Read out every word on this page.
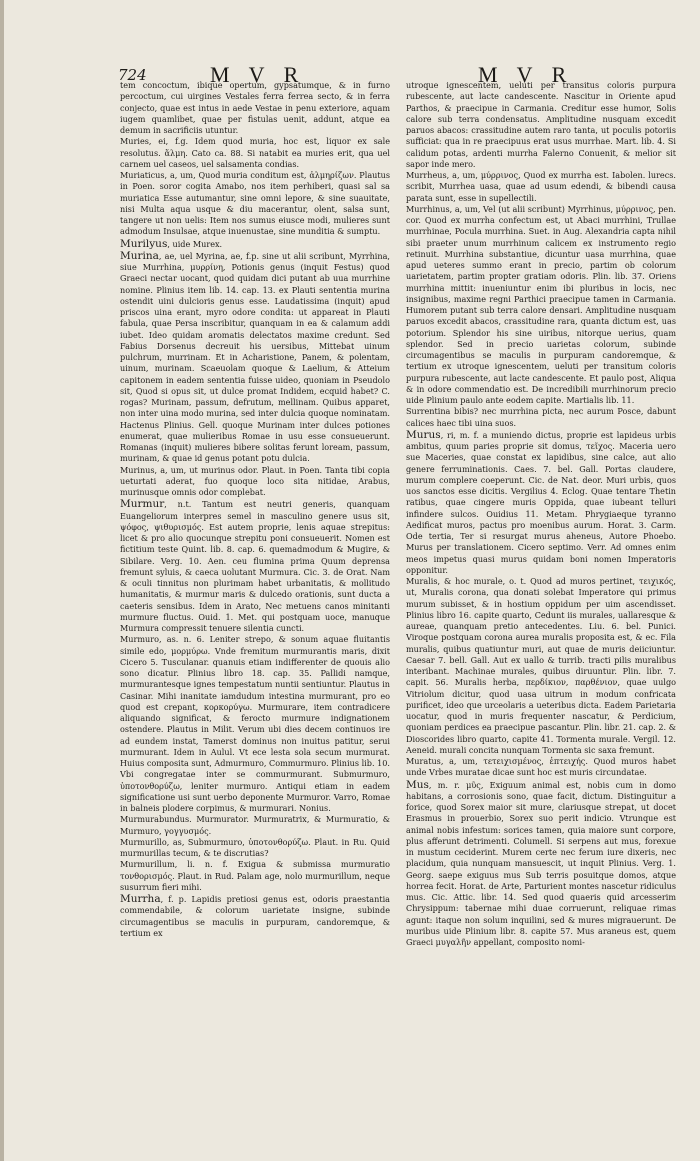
724	M V R	M V R

tem concoctum, ibique opertum, gypsatumque, & in furno percoctum, cui uirgines Vestales ferra ferrea secto, & in ferra conjecto, quae est intus in aede Vestae in penu exteriore, aquam iugem quamlibet, quae per fistulas uenit, addunt, atque ea demum in sacrificiis utuntur.

Muries, ei, f.g. Idem quod muria, hoc est, liquor ex sale resolutus. ἅλμη. Cato ca. 88. Si natabit ea muries erit, qua uel carnem uel caseos, uel salsamenta condias.

Muriaticus, a, um, Quod muria conditum est, ἁλμηρίζων. Plautus in Poen. soror cogita Amabo, nos item perhiberi, quasi sal sa muriatica Esse autumantur, sine omni lepore, & sine suauitate, nisi Multa aqua usque & diu macerantur, olent, salsa sunt, tangere ut non uelis: Item nos sumus eiusce modi, mulieres sunt admodum Insulsae, atque inuenustae, sine munditia & sumptu.

Murilyus, uide Murex.

Murina, ae, uel Myrina, ae, f.p. sine ut alii scribunt, Myrrhina, siue Murrhina, μυρρίνη, Potionis genus (inquit Festus) quod Graeci nectar uocant, quod quidam dici putant ab uua murrhine nomine. Plinius item lib. 14. cap. 13. ex Plauti sententia murina ostendit uini dulcioris genus esse. Laudatissima (inquit) apud priscos uina erant, myro odore condita: ut appareat in Plauti fabula, quae Persa inscribitur, quanquam in ea & calamum addi iubet. Ideo quidam aromatis delectatos maxime credunt. Sed Fabius Dorsenus decreuit his uersibus, Mittebat uinum pulchrum, murrinam. Et in Acharistione, Panem, & polentam, uinum, murinam. Scaeuolam quoque & Laelium, & Atteium capitonem in eadem sententia fuisse uideo, quoniam in Pseudolo sit, Quod si opus sit, ut dulce promat Indidem, ecquid habet? C. rogas? Murinam, passum, defrutum, mellinam. Quibus apparet, non inter uina modo murina, sed inter dulcia quoque nominatam. Hactenus Plinius. Gell. quoque Murinam inter dulces potiones enumerat, quae mulieribus Romae in usu esse consueuerunt. Romanas (inquit) mulieres bibere solitas ferunt loream, passum, murinam, & quae id genus potant potu dulcia.

Murinus, a, um, ut murinus odor. Plaut. in Poen. Tanta tibi copia ueturtati aderat, fuo quoque loco sita nitidae, Arabus, murinusque omnis odor complebat.

Murmur, n.t. Tantum est neutri generis, quanquam Euangeliorum interpres semel in masculino genere usus sit, ψόφος, ψιθυρισμός. Est autem proprie, lenis aquae strepitus: licet & pro alio quocunque strepitu poni consueuerit. Nomen est fictitium teste Quint. lib. 8. cap. 6. quemadmodum & Mugire, & Sibilare. Verg. 10. Aen. ceu flumina prima Quum deprensa fremunt syluis, & caeca uolutant Murmura. Cic. 3. de Orat. Nam & oculi tinnitus non plurimam habet urbanitatis, & mollitudo humanitatis, & murmur maris & dulcedo orationis, sunt ducta a caeteris sensibus. Idem in Arato, Nec metuens canos minitanti murmure fluctus. Ouid. 1. Met. qui postquam uoce, manuque Murmura compressit tenuere silentia cuncti.

Murmuro, as. n. 6. Leniter strepo, & sonum aquae fluitantis simile edo, μορμύρω. Vnde fremitum murmurantis maris, dixit Cicero 5. Tusculanar. quanuis etiam indifferenter de quouis alio sono dicatur. Plinius libro 18. cap. 35. Pallidi namque, murmurantesque ignes tempestatum nuntii sentiuntur. Plautus in Casinar. Mihi inanitate iamdudum intestina murmurant, pro eo quod est crepant, κορκορύγω. Murmurare, item contradicere aliquando significat, & ferocto murmure indignationem ostendere. Plautus in Milit. Verum ubi dies decem continuos ire ad eundem instat, Tamerst dominus non inuitus patitur, serui murmurant. Idem in Aulul. Vt ece lesta sola secum murmurat. Huius composita sunt, Admurmuro, Commurmuro. Plinius lib. 10. Vbi congregatae inter se commurmurant. Submurmuro, ὑποτονθορύζω, leniter murmuro. Antiqui etiam in eadem significatione usi sunt uerbo deponente Murmuror. Varro, Romae in balneis plodere corpimus, & murmurari. Nonius.

Murmurabundus. Murmurator. Murmuratrix, & Murmuratio, & Murmuro, γογγυσμός.

Murmurillo, as, Submurmuro, ὑποτονθορύζω. Plaut. in Ru. Quid murmurillas tecum, & te discrutias?

Murmurillum, li. n. f. Exigua & submissa murmuratio τονθορισμός. Plaut. in Rud. Palam age, nolo murmurillum, neque susurrum fieri mihi.

Murrha, f. p. Lapidis pretiosi genus est, odoris praestantia commendabile, & colorum uarietate insigne, subinde circumagentibus se maculis in purpuram, candoremque, & tertium ex

utroque ignescentem, ueluti per transitus coloris purpura rubescente, aut lacte candescente. Nascitur in Oriente apud Parthos, & praecipue in Carmania. Creditur esse humor, Solis calore sub terra condensatus. Amplitudine nusquam excedit paruos abacos: crassitudine autem raro tanta, ut poculis potoriis sufficiat: qua in re praecipuus erat usus murrhae. Mart. lib. 4. Si calidum potas, ardenti murrha Falerno Conuenit, & melior sit sapor inde mero.

Murrheus, a, um, μύρρινος, Quod ex murrha est. Iabolen. lurecs. scribit, Murrhea uasa, quae ad usum edendi, & bibendi causa parata sunt, esse in supellectili.

Murrhinus, a, um, Vel (ut alii scribunt) Myrrhinus, μύρρινος, pen. cor. Quod ex murrha confectum est, ut Abaci murrhini, Trullae murrhinae, Pocula murrhina. Suet. in Aug. Alexandria capta nihil sibi praeter unum murrhinum calicem ex instrumento regio retinuit. Murrhina substantiue, dicuntur uasa murrhina, quae apud ueteres summo erant in precio, partim ob colorum uarietatem, partim propter gratiam odoris. Plin. lib. 37. Oriens murrhina mittit: inueniuntur enim ibi pluribus in locis, nec insignibus, maxime regni Parthici praecipue tamen in Carmania. Humorem putant sub terra calore densari. Amplitudine nusquam paruos excedit abacos, crassitudine rara, quanta dictum est, uas potorium. Splendor his sine uiribus, nitorque uerius, quam splendor. Sed in precio uarietas colorum, subinde circumagentibus se maculis in purpuram candoremque, & tertium ex utroque ignescentem, ueluti per transitum coloris purpura rubescente, aut lacte candescente. Et paulo post, Aliqua & in odore commendatio est. De incredibili murrhinorum precio uide Plinium paulo ante eodem capite. Martialis lib. 11.

Surrentina bibis? nec murrhina picta, nec aurum Posce, dabunt calices haec tibi uina suos.

Murus, ri, m. f. a muniendo dictus, proprie est lapideus urbis ambitus, quum paries proprie sit domus, τεῖχος. Maceria uero sue Maceries, quae constat ex lapidibus, sine calce, aut alio genere ferruminationis. Caes. 7. bel. Gall. Portas claudere, murum complere coeperunt. Cic. de Nat. deor. Muri urbis, quos uos sanctos esse dicitis. Vergilius 4. Eclog. Quae tentare Thetin ratibus, quae cingere muris Oppida, quae iubeant telluri infindere sulcos. Ouidius 11. Metam. Phrygiaeque tyranno Aedificat muros, pactus pro moenibus aurum. Horat. 3. Carm. Ode tertia, Ter si resurgat murus aheneus, Autore Phoebo. Murus per translationem. Cicero septimo. Verr. Ad omnes enim meos impetus quasi murus quidam boni nomen Imperatoris opponitur.

Muralis, & hoc murale, o. t. Quod ad muros pertinet, τειχικός, ut, Muralis corona, qua donati solebat Imperatore qui primus murum subisset, & in hostium oppidum per uim ascendisset. Plinius libro 16. capite quarto, Cedunt iis murales, uallaresque & aureae, quanquam pretio antecedentes. Liu. 6. bel. Punici. Viroque postquam corona aurea muralis proposita est, & ec. Fila muralis, quibus quatiuntur muri, aut quae de muris deiiciuntur. Caesar 7. bell. Gall. Aut ex uallo & turrib. tracti pilis muralibus interibant. Machinae murales, quibus diruuntur. Plin. libr. 7. capit. 56. Muralis herba, περδίκιον, παρθένιον, quae uulgo Vitriolum dicitur, quod uasa uitrum in modum confricata purificet, ideo que urceolaris a ueteribus dicta. Eadem Parietaria uocatur, quod in muris frequenter nascatur, & Perdicium, quoniam perdices ea praecipue pascantur. Plin. libr. 21. cap. 2. & Dioscorides libro quarto, capite 41. Tormenta murale. Vergil. 12. Aeneid. murali concita nunquam Tormenta sic saxa fremunt.

Muratus, a, um, τετειχισμένος, ἐπτειχής. Quod muros habet unde Vrbes muratae dicae sunt hoc est muris circundatae.

Mus, m. r. μῦς, Exiguum animal est, nobis cum in domo habitans, a corrosionis sono, quae facit, dictum. Distinguitur a forice, quod Sorex maior sit mure, clariusque strepat, ut docet Erasmus in prouerbio, Sorex suo perit indicio. Vtrunque est animal nobis infestum: sorices tamen, quia maiore sunt corpore, plus afferunt detrimenti. Columell. Si serpens aut mus, forexue in mustum ceciderint. Murem certe nec ferum iure dixeris, nec placidum, quia nunquam mansuescit, ut inquit Plinius. Verg. 1. Georg. saepe exiguus mus Sub terris posuitque domos, atque horrea fecit. Horat. de Arte, Parturient montes nascetur ridiculus mus. Cic. Attic. libr. 14. Sed quod quaeris quid arcesserim Chrysippum: tabernae mihi duae corruerunt, reliquae rimas agunt: itaque non solum inquilini, sed & mures migrauerunt. De muribus uide Plinium libr. 8. capite 57. Mus araneus est, quem Graeci μυγαλῆν appellant, composito nomi-
